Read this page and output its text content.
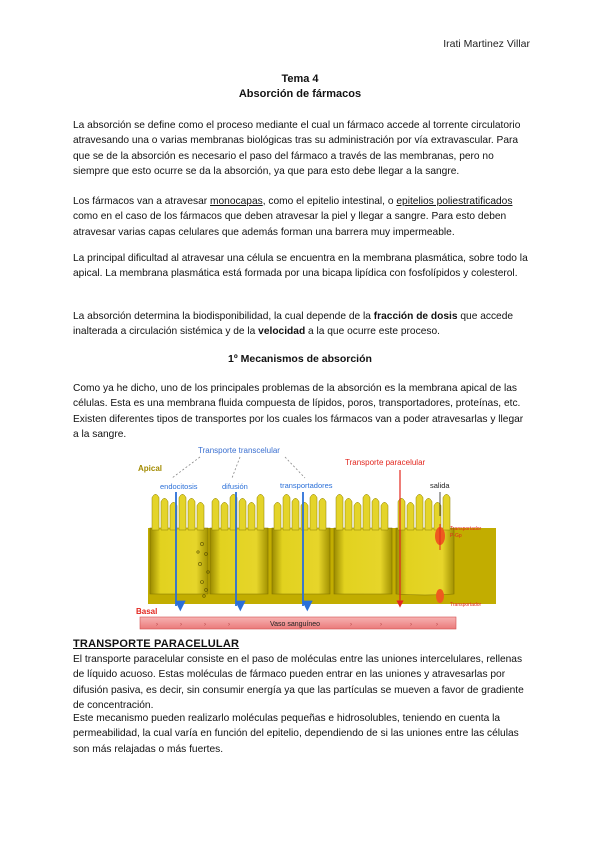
Irati Martinez Villar
Tema 4
Absorción de fármacos

La absorción se define como el proceso mediante el cual un fármaco accede al torrente circulatorio atravesando una o varias membranas biológicas tras su administración por vía extravascular. Para que se de la absorción es necesario el paso del fármaco a través de las membranas, pero no siempre que esto ocurre se da la absorción, ya que para esto debe llegar a la sangre.

Los fármacos van a atravesar monocapas, como el epitelio intestinal, o epitelios poliestratificados como en el caso de los fármacos que deben atravesar la piel y llegar a sangre. Para esto deben atravesar varias capas celulares que además forman una barrera muy impermeable.

La principal dificultad al atravesar una célula se encuentra en la membrana plasmática, sobre todo la apical. La membrana plasmática está formada por una bicapa lipídica con fosfolípidos y colesterol.

La absorción determina la biodisponibilidad, la cual depende de la fracción de dosis que accede inalterada a circulación sistémica y de la velocidad a la que ocurre este proceso.

1º Mecanismos de absorción

Como ya he dicho, uno de los principales problemas de la absorción es la membrana apical de las células. Esta es una membrana fluida compuesta de lípidos, poros, transportadores, proteínas, etc. Existen diferentes tipos de transportes por los cuales los fármacos van a poder atravesarlas y llegar a la sangre.

Transporte transcelular
Transporte paracelular
Apical
endocitosis	difusión	transportadores	salida
Transportador
P-Gp
Transportador
Basal
›	›	›	›	›	›	›	›
Vaso sanguíneo
TRANSPORTE PARACELULAR

El transporte paracelular consiste en el paso de moléculas entre las uniones intercelulares, rellenas de líquido acuoso. Estas moléculas de fármaco pueden entrar en las uniones y atravesarlas por difusión pasiva, es decir, sin consumir energía ya que las partículas se mueven a favor de gradiente de concentración.

Este mecanismo pueden realizarlo moléculas pequeñas e hidrosolubles, teniendo en cuenta la permeabilidad, la cual varía en función del epitelio, dependiendo de si las uniones entre las células son más relajadas o más fuertes.
